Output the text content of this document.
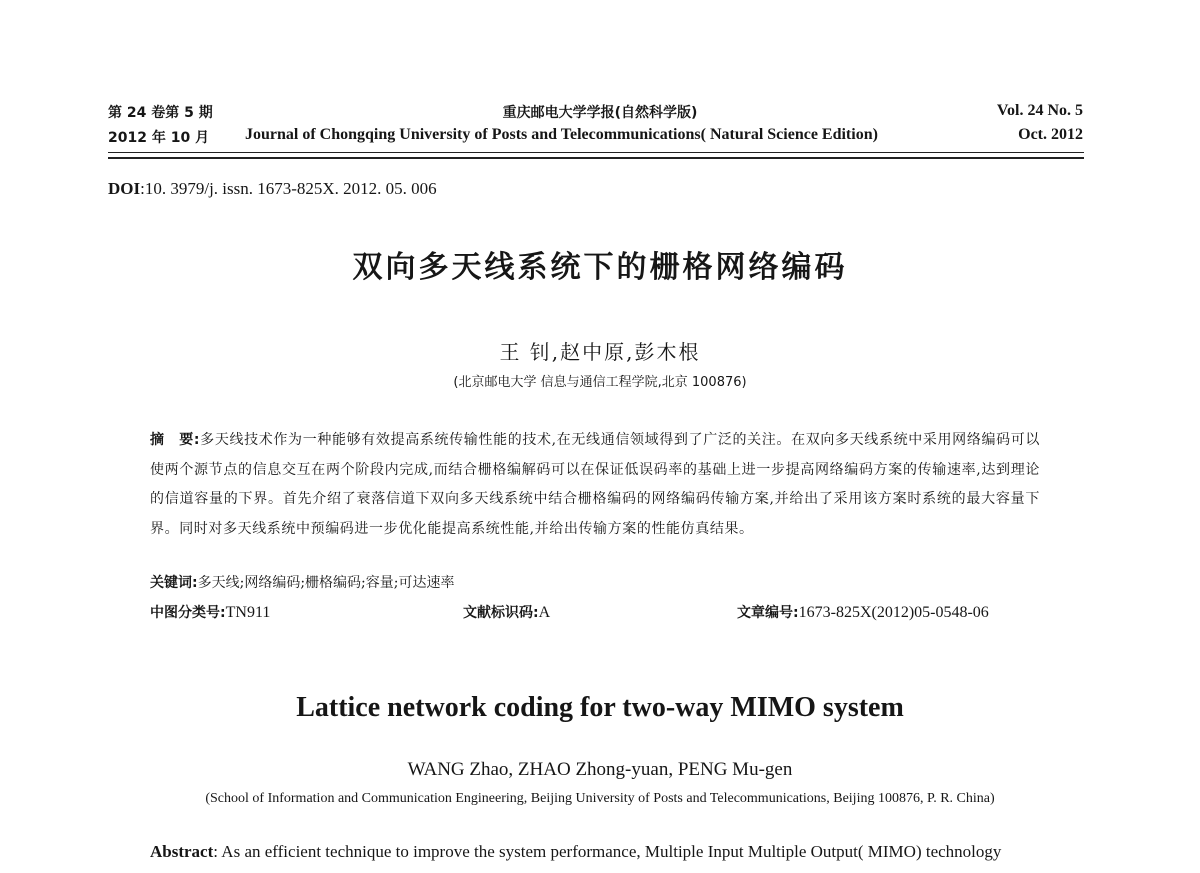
第 24 卷第 5 期	重庆邮电大学学报(自然科学版)	Vol. 24 No. 5
2012 年 10 月 Journal of Chongqing University of Posts and Telecommunications( Natural Science Edition)	Oct. 2012
DOI:10. 3979/j. issn. 1673-825X. 2012. 05. 006
双向多天线系统下的栅格网络编码
王 钊,赵中原,彭木根
(北京邮电大学 信息与通信工程学院,北京 100876)

摘　要:多天线技术作为一种能够有效提高系统传输性能的技术,在无线通信领域得到了广泛的关注。在双向多天线系统中采用网络编码可以使两个源节点的信息交互在两个阶段内完成,而结合栅格编解码可以在保证低误码率的基础上进一步提高网络编码方案的传输速率,达到理论的信道容量的下界。首先介绍了衰落信道下双向多天线系统中结合栅格编码的网络编码传输方案,并给出了采用该方案时系统的最大容量下界。同时对多天线系统中预编码进一步优化能提高系统性能,并给出传输方案的性能仿真结果。

关键词:多天线;网络编码;栅格编码;容量;可达速率
中图分类号:TN911	文献标识码:A	文章编号:1673-825X(2012)05-0548-06
Lattice network coding for two-way MIMO system
WANG Zhao, ZHAO Zhong-yuan, PENG Mu-gen
(School of Information and Communication Engineering, Beijing University of Posts and Telecommunications, Beijing 100876, P. R. China)

Abstract: As an efficient technique to improve the system performance, Multiple Input Multiple Output( MIMO) technology
